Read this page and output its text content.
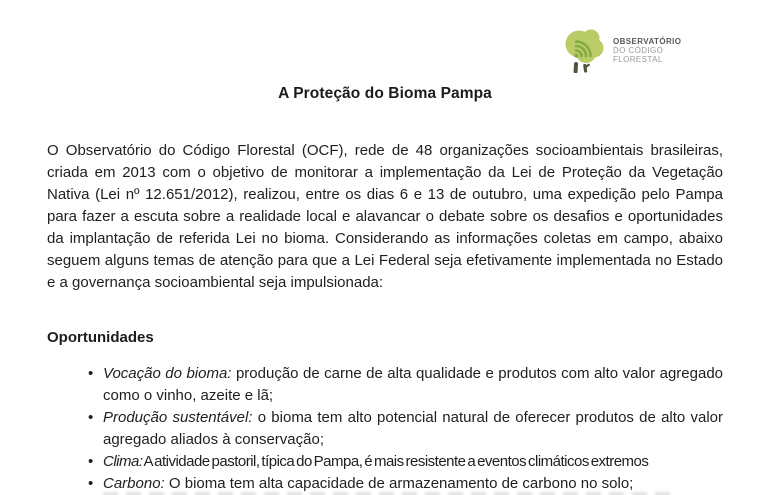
OBSERVATÓRIO
DO CÓDIGO
FLORESTAL
A Proteção do Bioma Pampa

O Observatório do Código Florestal (OCF), rede de 48 organizações socioambientais brasileiras, criada em 2013 com o objetivo de monitorar a implementação da Lei de Proteção da Vegetação Nativa (Lei nº 12.651/2012), realizou, entre os dias 6 e 13 de outubro, uma expedição pelo Pampa para fazer a escuta sobre a realidade local e alavancar o debate sobre os desafios e oportunidades da implantação de referida Lei no bioma. Considerando as informações coletas em campo, abaixo seguem alguns temas de atenção para que a Lei Federal seja efetivamente implementada no Estado e a governança socioambiental seja impulsionada:

Oportunidades
• Vocação do bioma: produção de carne de alta qualidade e produtos com alto valor agregado como o vinho, azeite e lã;
• Produção sustentável: o bioma tem alto potencial natural de oferecer produtos de alto valor agregado aliados à conservação;
• Clima: A atividade pastoril, típica do Pampa, é mais resistente a eventos climáticos extremos
• Carbono: O bioma tem alta capacidade de armazenamento de carbono no solo;
